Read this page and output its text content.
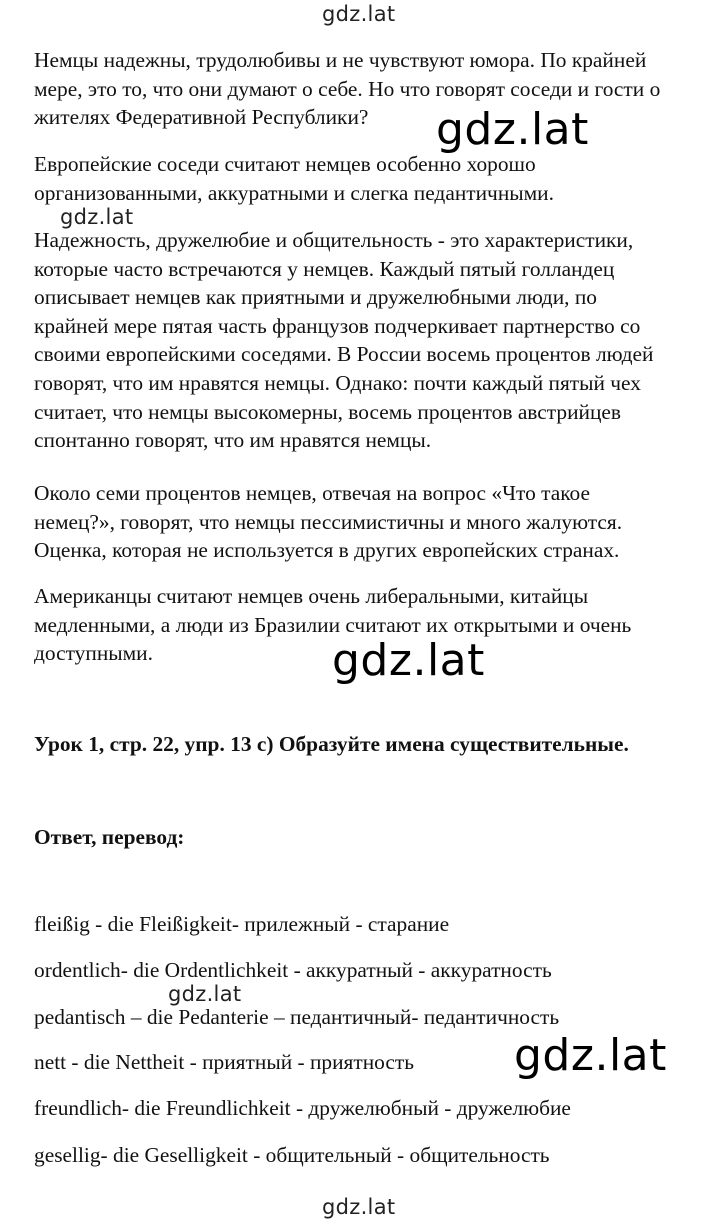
gdz.lat
Немцы надежны, трудолюбивы и не чувствуют юмора. По крайней
мере, это то, что они думают о себе. Но что говорят соседи и гости о
жителях Федеративной Республики?
Европейские соседи считают немцев особенно хорошо
организованными, аккуратными и слегка педантичными.
Надежность, дружелюбие и общительность - это характеристики,
которые часто встречаются у немцев. Каждый пятый голландец
описывает немцев как приятными и дружелюбными люди, по
крайней мере пятая часть французов подчеркивает партнерство со
своими европейскими соседями. В России восемь процентов людей
говорят, что им нравятся немцы. Однако: почти каждый пятый чех
считает, что немцы высокомерны, восемь процентов австрийцев
спонтанно говорят, что им нравятся немцы.
Около семи процентов немцев, отвечая на вопрос «Что такое
немец?», говорят, что немцы пессимистичны и много жалуются.
Оценка, которая не используется в других европейских странах.
Американцы считают немцев очень либеральными, китайцы
медленными, а люди из Бразилии считают их открытыми и очень
доступными.
gdz.lat
gdz.lat
gdz.lat
Урок 1, стр. 22, упр. 13 c) Образуйте имена существительные.
Ответ, перевод:
fleißig - die Fleißigkeit- прилежный - старание
ordentlich- die Ordentlichkeit - аккуратный - аккуратность
pedantisch – die Pedanterie – педантичный- педантичность
nett - die Nettheit - приятный - приятность
freundlich- die Freundlichkeit - дружелюбный - дружелюбие
gesellig- die Geselligkeit - общительный - общительность
gdz.lat
gdz.lat
gdz.lat
